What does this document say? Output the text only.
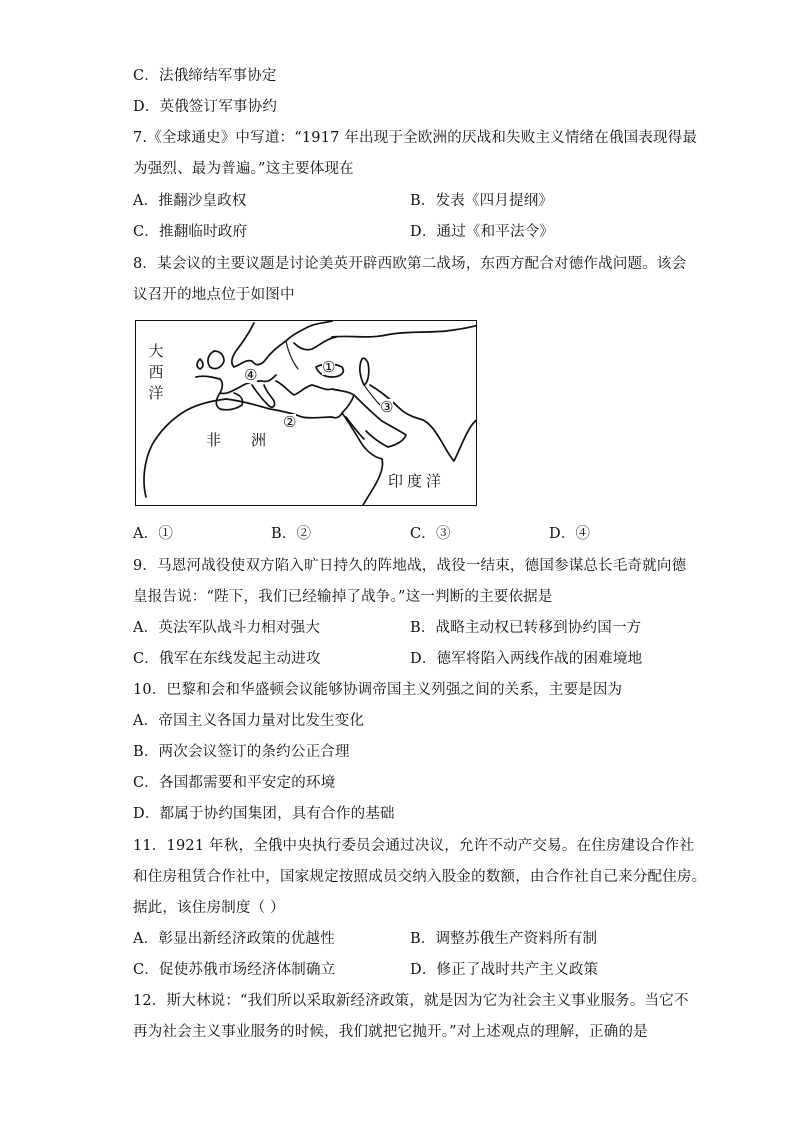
C．法俄缔结军事协定
D．英俄签订军事协约
7.《全球通史》中写道：“1917 年出现于全欧洲的厌战和失败主义情绪在俄国表现得最
为强烈、最为普遍。”这主要体现在
A．推翻沙皇政权	B．发表《四月提纲》
C．推翻临时政府	D．通过《和平法令》
8．某会议的主要议题是讨论美英开辟西欧第二战场，东西方配合对德作战问题。该会
议召开的地点位于如图中
大西洋
非 洲
印度洋
①
②
③
④
A．①	B．②	C．③	D．④
9．马恩河战役使双方陷入旷日持久的阵地战，战役一结束，德国参谋总长毛奇就向德
皇报告说：“陛下，我们已经输掉了战争。”这一判断的主要依据是
A．英法军队战斗力相对强大	B．战略主动权已转移到协约国一方
C．俄军在东线发起主动进攻	D．德军将陷入两线作战的困难境地
10．巴黎和会和华盛顿会议能够协调帝国主义列强之间的关系，主要是因为
A．帝国主义各国力量对比发生变化
B．两次会议签订的条约公正合理
C．各国都需要和平安定的环境
D．都属于协约国集团，具有合作的基础
11．1921 年秋，全俄中央执行委员会通过决议，允许不动产交易。在住房建设合作社
和住房租赁合作社中，国家规定按照成员交纳入股金的数额，由合作社自己来分配住房。
据此，该住房制度（ ）
A．彰显出新经济政策的优越性	B．调整苏俄生产资料所有制
C．促使苏俄市场经济体制确立	D．修正了战时共产主义政策
12．斯大林说：“我们所以采取新经济政策，就是因为它为社会主义事业服务。当它不
再为社会主义事业服务的时候，我们就把它抛开。”对上述观点的理解，正确的是
